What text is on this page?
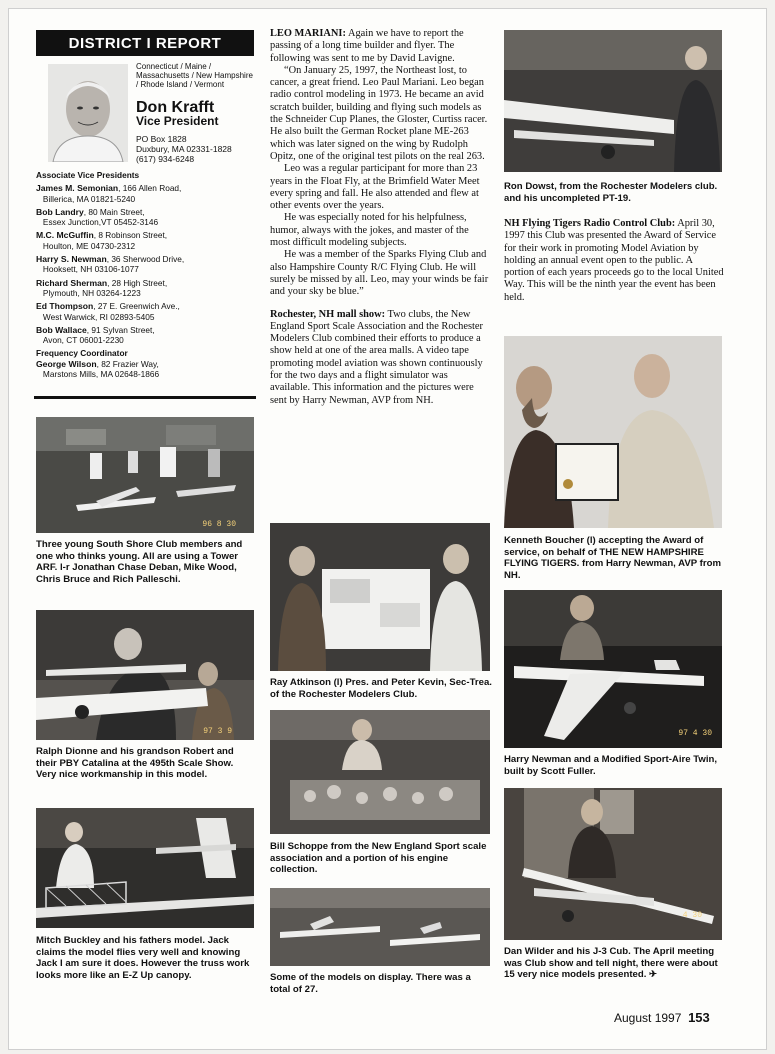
DISTRICT I REPORT
Connecticut / Maine / Massachusetts / New Hampshire / Rhode Island / Vermont
Don Krafft
Vice President
PO Box 1828
Duxbury, MA 02331-1828
(617) 934-6248
Associate Vice Presidents
James M. Semonian, 166 Allen Road,
Billerica, MA 01821-5240
Bob Landry, 80 Main Street,
Essex Junction,VT 05452-3146
M.C. McGuffin, 8 Robinson Street,
Houlton, ME 04730-2312
Harry S. Newman, 36 Sherwood Drive,
Hooksett, NH 03106-1077
Richard Sherman, 28 High Street,
Plymouth, NH 03264-1223
Ed Thompson, 27 E. Greenwich Ave.,
West Warwick, RI 02893-5405
Bob Wallace, 91 Sylvan Street,
Avon, CT 06001-2230
Frequency Coordinator
George Wilson, 82 Frazier Way,
Marstons Mills, MA 02648-1866
96 8 30
Three young South Shore Club members and one who thinks young. All are using a Tower ARF. l-r Jonathan Chase Deban, Mike Wood, Chris Bruce and Rich Palleschi.
97 3 9
Ralph Dionne and his grandson Robert and their PBY Catalina at the 495th Scale Show. Very nice workmanship in this model.
Mitch Buckley and his fathers model. Jack claims the model flies very well and knowing Jack I am sure it does. However the truss work looks more like an E-Z Up canopy.

LEO MARIANI: Again we have to report the passing of a long time builder and flyer. The following was sent to me by David Lavigne.

“On January 25, 1997, the Northeast lost, to cancer, a great friend. Leo Paul Mariani. Leo began radio control modeling in 1973. He became an avid scratch builder, building and flying such models as the Schneider Cup Planes, the Gloster, Curtiss racer. He also built the German Rocket plane ME-263 which was later signed on the wing by Rudolph Opitz, one of the original test pilots on the real 263.

Leo was a regular participant for more than 23 years in the Float Fly, at the Brimfield Water Meet every spring and fall. He also attended and flew at other events over the years.

He was especially noted for his helpfulness, humor, always with the jokes, and master of the most difficult modeling subjects.

He was a member of the Sparks Flying Club and also Hampshire County R/C Flying Club. He will surely be missed by all. Leo, may your winds be fair and your sky be blue.”

Rochester, NH mall show: Two clubs, the New England Sport Scale Association and the Rochester Modelers Club combined their efforts to produce a show held at one of the area malls. A video tape promoting model aviation was shown continuously for the two days and a flight simulator was available. This information and the pictures were sent by Harry Newman, AVP from NH.

Ray Atkinson (l) Pres. and Peter Kevin, Sec-Trea. of the Rochester Modelers Club.
Bill Schoppe from the New England Sport scale association and a portion of his engine collection.
Some of the models on display. There was a total of 27.
Ron Dowst, from the Rochester Modelers club. and his uncompleted PT-19.

NH Flying Tigers Radio Control Club: April 30, 1997 this Club was presented the Award of Service for their work in promoting Model Aviation by holding an annual event open to the public. A portion of each years proceeds go to the local United Way. This will be the ninth year the event has been held.

Kenneth Boucher (l) accepting the Award of service, on behalf of THE NEW HAMPSHIRE FLYING TIGERS. from Harry Newman, AVP from NH.
N2038A
97 4 30
Harry Newman and a Modified Sport-Aire Twin, built by Scott Fuller.
4 30
Dan Wilder and his J-3 Cub. The April meeting was Club show and tell night, there were about 15 very nice models presented. ✈
August 1997 153
